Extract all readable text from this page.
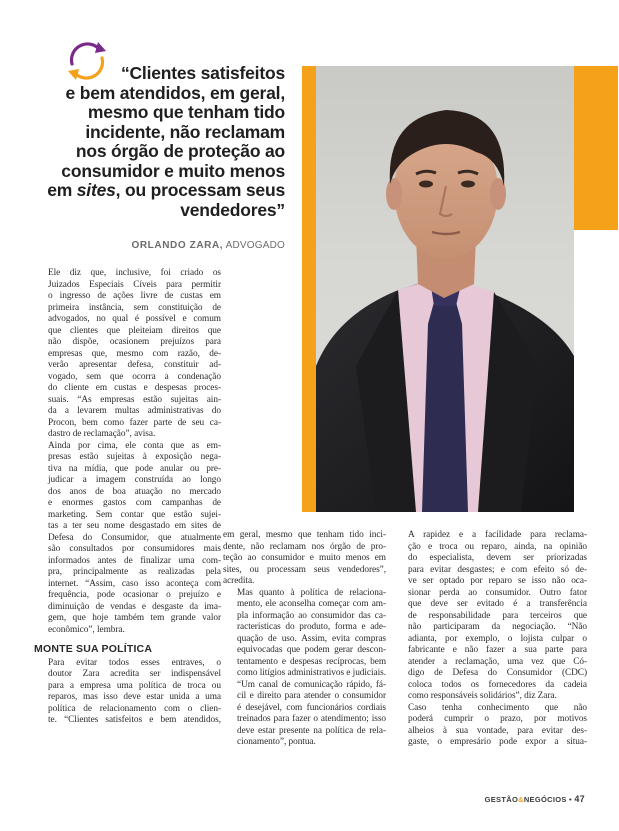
“Clientes satisfeitos
e bem atendidos, em geral,
mesmo que tenham tido
incidente, não reclamam
nos órgão de proteção ao
consumidor e muito menos
em sites, ou processam seus
vendedores”
ORLANDO ZARA, ADVOGADO

Ele diz que, inclusive, foi criado os
Juizados Especiais Cíveis para permitir
o ingresso de ações livre de custas em
primeira instância, sem constituição de
advogados, no qual é possível e comum
que clientes que pleiteiam direitos que
não dispõe, ocasionem prejuízos para
empresas que, mesmo com razão, de-
verão apresentar defesa, constituir ad-
vogado, sem que ocorra a condenação
do cliente em custas e despesas proces-
suais. “As empresas estão sujeitas ain-
da a levarem multas administrativas do
Procon, bem como fazer parte de seu ca-
dastro de reclamação”, avisa.

Ainda por cima, ele conta que as em-
presas estão sujeitas à exposição nega-
tiva na mídia, que pode anular ou pre-
judicar a imagem construída ao longo
dos anos de boa atuação no mercado
e enormes gastos com campanhas de
marketing. Sem contar que estão sujei-
tas a ter seu nome desgastado em sites de
Defesa do Consumidor, que atualmente
são consultados por consumidores mais
informados antes de finalizar uma com-
pra, principalmente as realizadas pela
internet. “Assim, caso isso aconteça com
frequência, pode ocasionar o prejuízo e
diminuição de vendas e desgaste da ima-
gem, que hoje também tem grande valor
econômico”, lembra.

MONTE SUA POLÍTICA

Para evitar todos esses entraves, o
doutor Zara acredita ser indispensável
para a empresa uma política de troca ou
reparos, mas isso deve estar unida a uma
política de relacionamento com o clien-
te. “Clientes satisfeitos e bem atendidos,

em geral, mesmo que tenham tido inci-
dente, não reclamam nos órgão de pro-
teção ao consumidor e muito menos em
sites, ou processam seus vendedores”,
acredita.

Mas quanto à política de relaciona-
mento, ele aconselha começar com am-
pla informação ao consumidor das ca-
racterísticas do produto, forma e ade-
quação de uso. Assim, evita compras
equivocadas que podem gerar descon-
tentamento e despesas recíprocas, bem
como litígios administrativos e judiciais.
“Um canal de comunicação rápido, fá-
cil e direito para atender o consumidor
é desejável, com funcionários cordiais
treinados para fazer o atendimento; isso
deve estar presente na política de rela-
cionamento”, pontua.

A rapidez e a facilidade para reclama-
ção e troca ou reparo, ainda, na opinião
do especialista, devem ser priorizadas
para evitar desgastes; e com efeito só de-
ve ser optado por reparo se isso não oca-
sionar perda ao consumidor. Outro fator
que deve ser evitado é a transferência
de responsabilidade para terceiros que
não participaram da negociação. “Não
adianta, por exemplo, o lojista culpar o
fabricante e não fazer a sua parte para
atender a reclamação, uma vez que Có-
digo de Defesa do Consumidor (CDC)
coloca todos os fornecedores da cadeia
como responsáveis solidários”, diz Zara.

Caso tenha conhecimento que não
poderá cumprir o prazo, por motivos
alheios à sua vontade, para evitar des-
gaste, o empresário pode expor a situa-

GESTÃO&NEGÓCIOS • 47
